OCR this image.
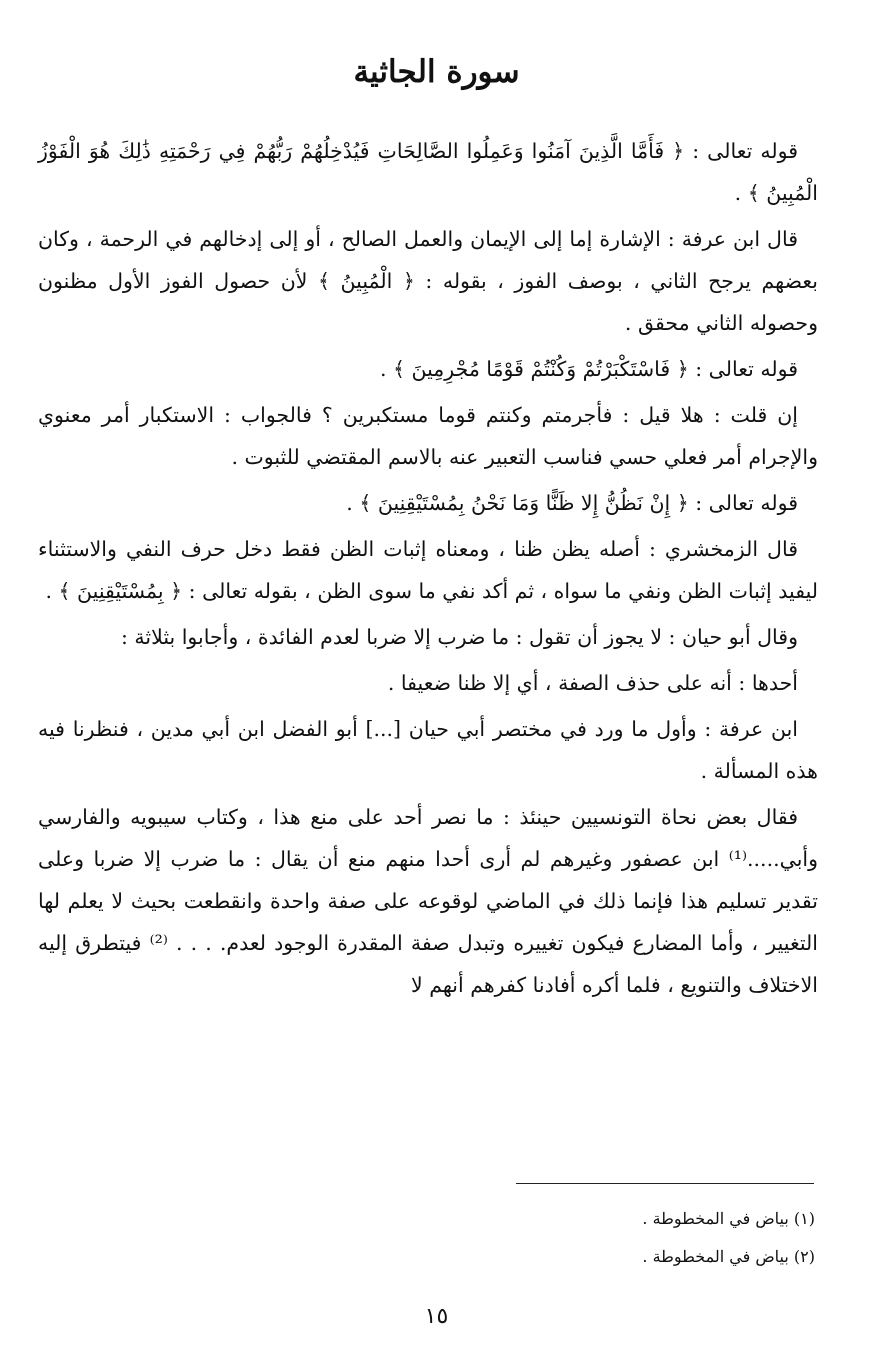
سورة الجاثية

قوله تعالى : ﴿ فَأَمَّا الَّذِينَ آمَنُوا وَعَمِلُوا الصَّالِحَاتِ فَيُدْخِلُهُمْ رَبُّهُمْ فِي رَحْمَتِهِ ذَٰلِكَ هُوَ الْفَوْزُ الْمُبِينُ ﴾ .

قال ابن عرفة : الإشارة إما إلى الإيمان والعمل الصالح ، أو إلى إدخالهم في الرحمة ، وكان بعضهم يرجح الثاني ، بوصف الفوز ، بقوله : ﴿ الْمُبِينُ ﴾ لأن حصول الفوز الأول مظنون وحصوله الثاني محقق .

قوله تعالى : ﴿ فَاسْتَكْبَرْتُمْ وَكُنْتُمْ قَوْمًا مُجْرِمِينَ ﴾ .

إن قلت : هلا قيل : فأجرمتم وكنتم قوما مستكبرين ؟ فالجواب : الاستكبار أمر معنوي والإجرام أمر فعلي حسي فناسب التعبير عنه بالاسم المقتضي للثبوت .

قوله تعالى : ﴿ إِنْ نَظُنُّ إِلا ظَنًّا وَمَا نَحْنُ بِمُسْتَيْقِنِينَ ﴾ .

قال الزمخشري : أصله يظن ظنا ، ومعناه إثبات الظن فقط دخل حرف النفي والاستثناء ليفيد إثبات الظن ونفي ما سواه ، ثم أكد نفي ما سوى الظن ، بقوله تعالى : ﴿ بِمُسْتَيْقِنِينَ ﴾ .

وقال أبو حيان : لا يجوز أن تقول : ما ضرب إلا ضربا لعدم الفائدة ، وأجابوا بثلاثة :

أحدها : أنه على حذف الصفة ، أي إلا ظنا ضعيفا .

ابن عرفة : وأول ما ورد في مختصر أبي حيان [...] أبو الفضل ابن أبي مدين ، فنظرنا فيه هذه المسألة .

فقال بعض نحاة التونسيين حينئذ : ما نصر أحد على منع هذا ، وكتاب سيبويه والفارسي وأبي.....⁽¹⁾ ابن عصفور وغيرهم لم أرى أحدا منهم منع أن يقال : ما ضرب إلا ضربا وعلى تقدير تسليم هذا فإنما ذلك في الماضي لوقوعه على صفة واحدة وانقطعت بحيث لا يعلم لها التغيير ، وأما المضارع فيكون تغييره وتبدل صفة المقدرة الوجود لعدم. . . . ⁽²⁾ فيتطرق إليه الاختلاف والتنويع ، فلما أكره أفادنا كفرهم أنهم لا

(١) بياض في المخطوطة .

(٢) بياض في المخطوطة .

١٥
